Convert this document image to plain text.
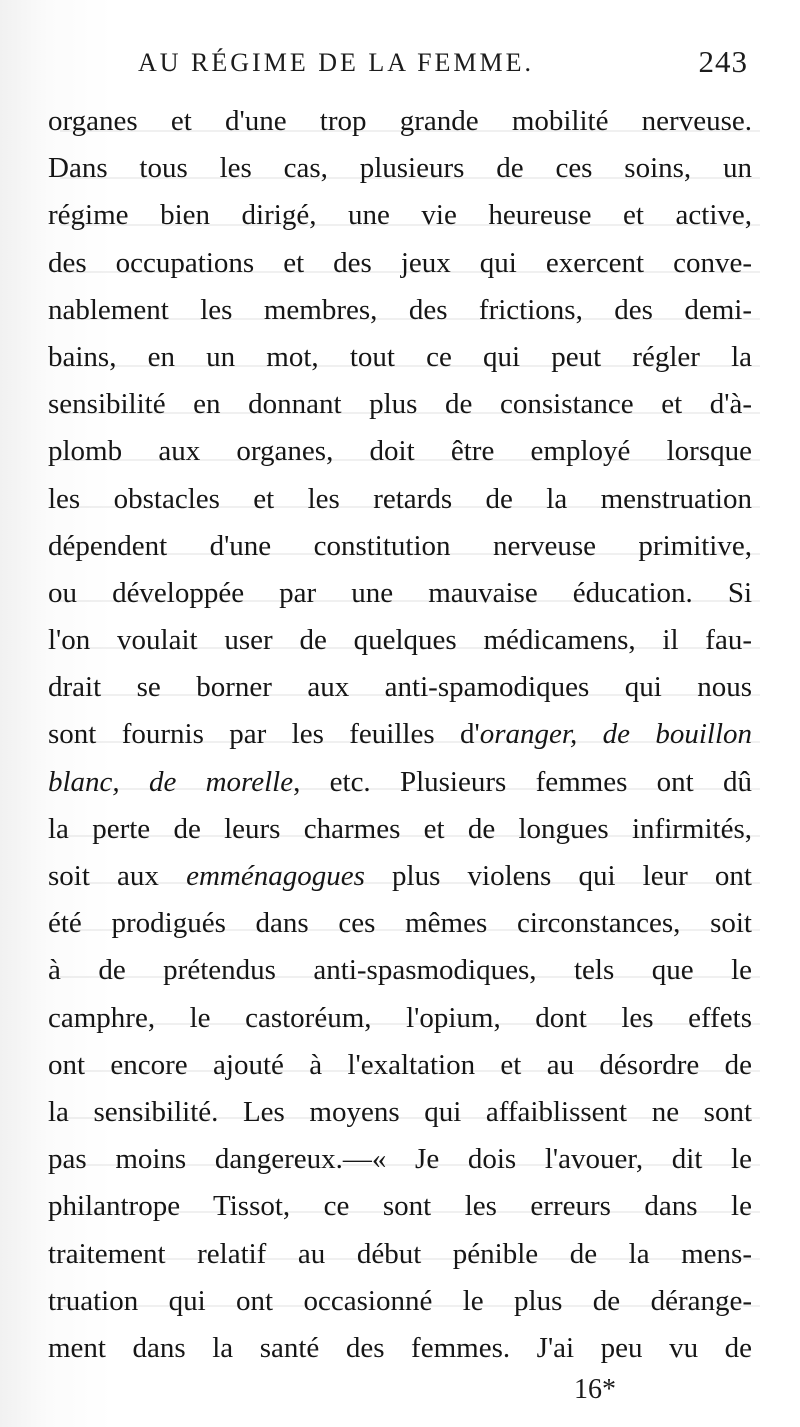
AU RÉGIME DE LA FEMME.	243
organes et d'une trop grande mobilité nerveuse.
Dans tous les cas, plusieurs de ces soins, un
régime bien dirigé, une vie heureuse et active,
des occupations et des jeux qui exercent conve-
nablement les membres, des frictions, des demi-
bains, en un mot, tout ce qui peut régler la
sensibilité en donnant plus de consistance et d'à-
plomb aux organes, doit être employé lorsque
les obstacles et les retards de la menstruation
dépendent d'une constitution nerveuse primitive,
ou développée par une mauvaise éducation. Si
l'on voulait user de quelques médicamens, il fau-
drait se borner aux anti-spamodiques qui nous
sont fournis par les feuilles d'oranger, de bouillon
blanc, de morelle, etc. Plusieurs femmes ont dû
la perte de leurs charmes et de longues infirmités,
soit aux emménagogues plus violens qui leur ont
été prodigués dans ces mêmes circonstances, soit
à de prétendus anti-spasmodiques, tels que le
camphre, le castoréum, l'opium, dont les effets
ont encore ajouté à l'exaltation et au désordre de
la sensibilité. Les moyens qui affaiblissent ne sont
pas moins dangereux.—« Je dois l'avouer, dit le
philantrope Tissot, ce sont les erreurs dans le
traitement relatif au début pénible de la mens-
truation qui ont occasionné le plus de dérange-
ment dans la santé des femmes. J'ai peu vu de
16*
